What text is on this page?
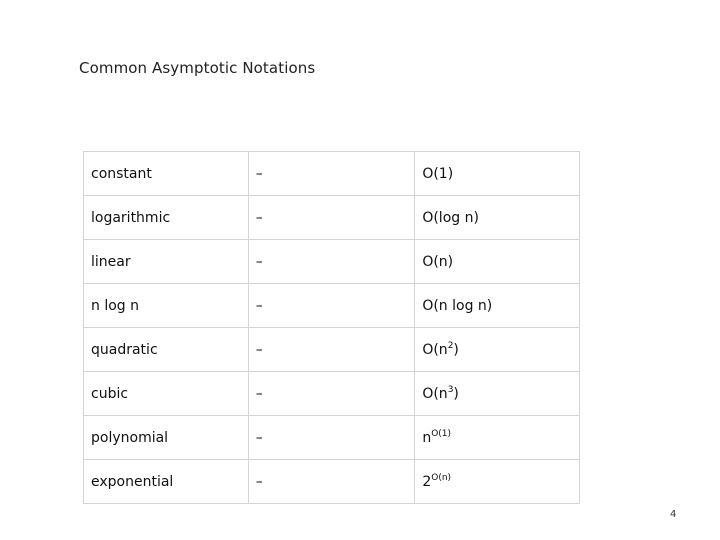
Common Asymptotic Notations
constant	–	O(1)
logarithmic	–	O(log n)
linear	–	O(n)
n log n	–	O(n log n)
quadratic	–	$O(n^2)$
cubic	–	$O(n^3)$
polynomial	–	$n^{O(1)}$
exponential	–	$2^{O(n)}$
4
